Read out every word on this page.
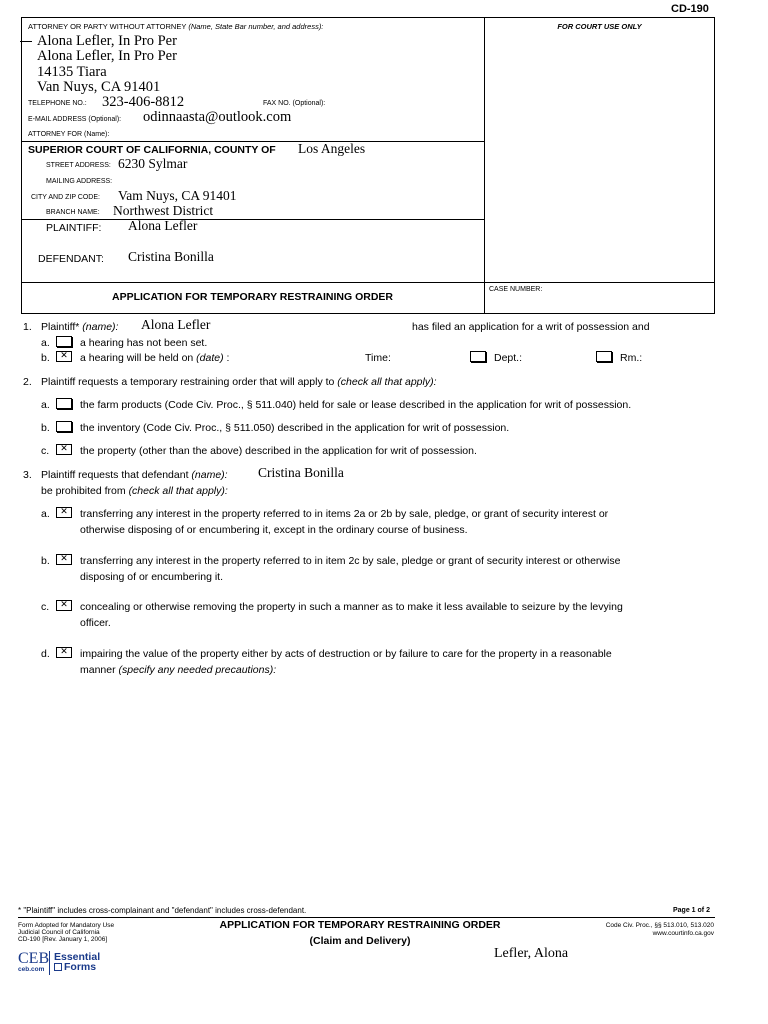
CD-190
ATTORNEY OR PARTY WITHOUT ATTORNEY (Name, State Bar number, and address):
Alona Lefler, In Pro Per
Alona Lefler, In Pro Per
14135 Tiara
Van Nuys, CA 91401
TELEPHONE NO.: 323-406-8812	FAX NO. (Optional):
E-MAIL ADDRESS (Optional): odinnaasta@outlook.com
ATTORNEY FOR (Name):
FOR COURT USE ONLY
SUPERIOR COURT OF CALIFORNIA, COUNTY OF Los Angeles
STREET ADDRESS: 6230 Sylmar
MAILING ADDRESS:
CITY AND ZIP CODE: Vam Nuys, CA 91401
BRANCH NAME: Northwest District
PLAINTIFF: Alona Lefler
DEFENDANT: Cristina Bonilla
APPLICATION FOR TEMPORARY RESTRAINING ORDER
CASE NUMBER:
1. Plaintiff* (name): Alona Lefler	has filed an application for a writ of possession and
a.	a hearing has not been set.
b.	✕	a hearing will be held on (date) :	Time:	Dept.:	Rm.:
2. Plaintiff requests a temporary restraining order that will apply to (check all that apply):
a.	the farm products (Code Civ. Proc., § 511.040) held for sale or lease described in the application for writ of possession.
b.	the inventory (Code Civ. Proc., § 511.050) described in the application for writ of possession.
c.	✕	the property (other than the above) described in the application for writ of possession.
3. Plaintiff requests that defendant (name): Cristina Bonilla
be prohibited from (check all that apply):
a.	✕	transferring any interest in the property referred to in items 2a or 2b by sale, pledge, or grant of security interest or
otherwise disposing of or encumbering it, except in the ordinary course of business.
b.	✕	transferring any interest in the property referred to in item 2c by sale, pledge or grant of security interest or otherwise
disposing of or encumbering it.
c.	✕	concealing or otherwise removing the property in such a manner as to make it less available to seizure by the levying
officer.
d.	✕	impairing the value of the property either by acts of destruction or by failure to care for the property in a reasonable
manner (specify any needed precautions):
* "Plaintiff" includes cross-complainant and "defendant" includes cross-defendant.	Page 1 of 2
Form Adopted for Mandatory Use
Judicial Council of California
CD-190 [Rev. January 1, 2006]
APPLICATION FOR TEMPORARY RESTRAINING ORDER
(Claim and Delivery)
Code Civ. Proc., §§ 513.010, 513.020
www.courtinfo.ca.gov
Lefler, Alona
CEB
ceb.com
Essential
Forms
